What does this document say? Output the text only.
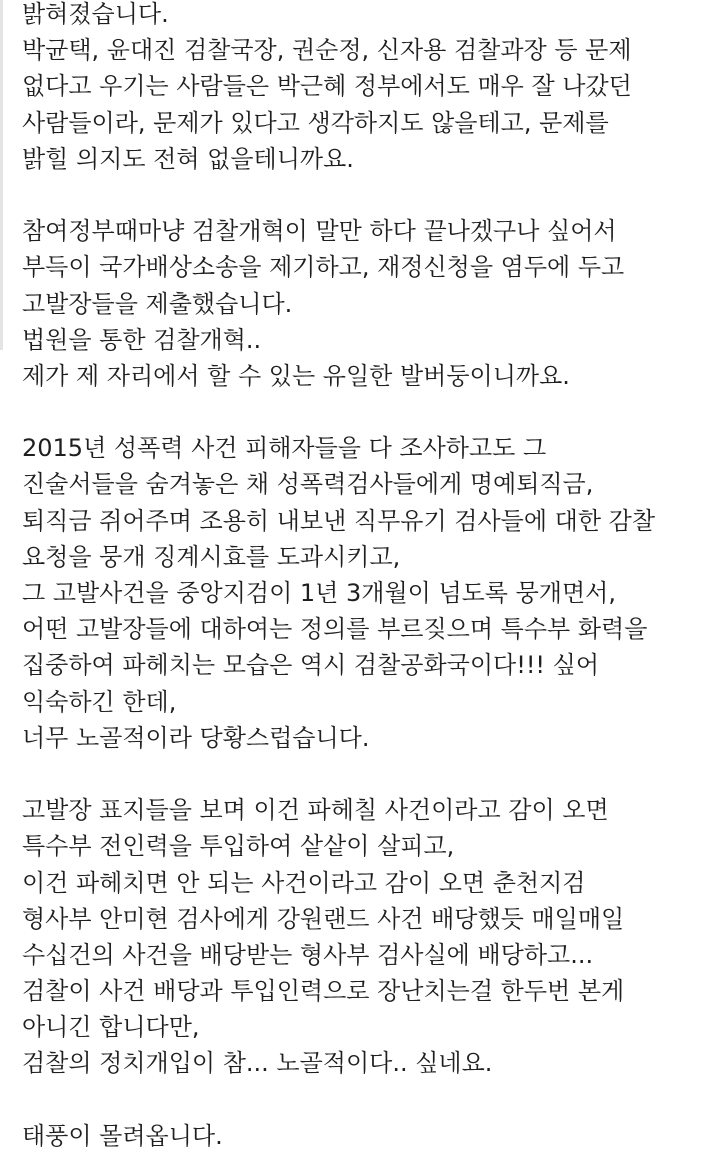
밝혀졌습니다.
박균택, 윤대진 검찰국장, 권순정, 신자용 검찰과장 등 문제
없다고 우기는 사람들은 박근혜 정부에서도 매우 잘 나갔던
사람들이라, 문제가 있다고 생각하지도 않을테고, 문제를
밝힐 의지도 전혀 없을테니까요.

참여정부때마냥 검찰개혁이 말만 하다 끝나겠구나 싶어서
부득이 국가배상소송을 제기하고, 재정신청을 염두에 두고
고발장들을 제출했습니다.
법원을 통한 검찰개혁..
제가 제 자리에서 할 수 있는 유일한 발버둥이니까요.

2015년 성폭력 사건 피해자들을 다 조사하고도 그
진술서들을 숨겨놓은 채 성폭력검사들에게 명예퇴직금,
퇴직금 쥐어주며 조용히 내보낸 직무유기 검사들에 대한 감찰
요청을 뭉개 징계시효를 도과시키고,
그 고발사건을 중앙지검이 1년 3개월이 넘도록 뭉개면서,
어떤 고발장들에 대하여는 정의를 부르짖으며 특수부 화력을
집중하여 파헤치는 모습은 역시 검찰공화국이다!!! 싶어
익숙하긴 한데,
너무 노골적이라 당황스럽습니다.

고발장 표지들을 보며 이건 파헤칠 사건이라고 감이 오면
특수부 전인력을 투입하여 샅샅이 살피고,
이건 파헤치면 안 되는 사건이라고 감이 오면 춘천지검
형사부 안미현 검사에게 강원랜드 사건 배당했듯 매일매일
수십건의 사건을 배당받는 형사부 검사실에 배당하고...
검찰이 사건 배당과 투입인력으로 장난치는걸 한두번 본게
아니긴 합니다만,
검찰의 정치개입이 참... 노골적이다.. 싶네요.

태풍이 몰려옵니다.
